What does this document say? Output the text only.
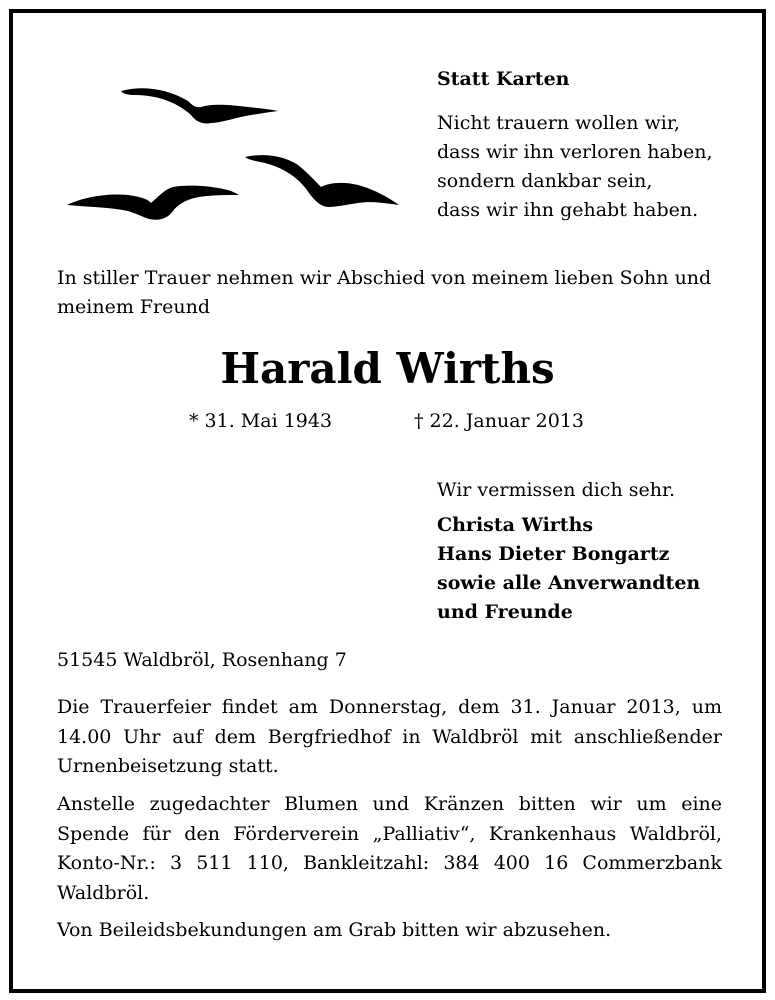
Statt Karten
Nicht trauern wollen wir,
dass wir ihn verloren haben,
sondern dankbar sein,
dass wir ihn gehabt haben.
In stiller Trauer nehmen wir Abschied von meinem lieben Sohn und meinem Freund
Harald Wirths
* 31. Mai 1943	† 22. Januar 2013
Wir vermissen dich sehr.
Christa Wirths
Hans Dieter Bongartz
sowie alle Anverwandten
und Freunde
51545 Waldbröl, Rosenhang 7
Die Trauerfeier findet am Donnerstag, dem 31. Januar 2013, um 14.00 Uhr auf dem Bergfriedhof in Waldbröl mit anschließender Urnenbeisetzung statt.
Anstelle zugedachter Blumen und Kränzen bitten wir um eine Spende für den Förderverein „Palliativ“, Krankenhaus Waldbröl, Konto-Nr.: 3 511 110, Bankleitzahl: 384 400 16 Commerzbank Waldbröl.
Von Beileidsbekundungen am Grab bitten wir abzusehen.
